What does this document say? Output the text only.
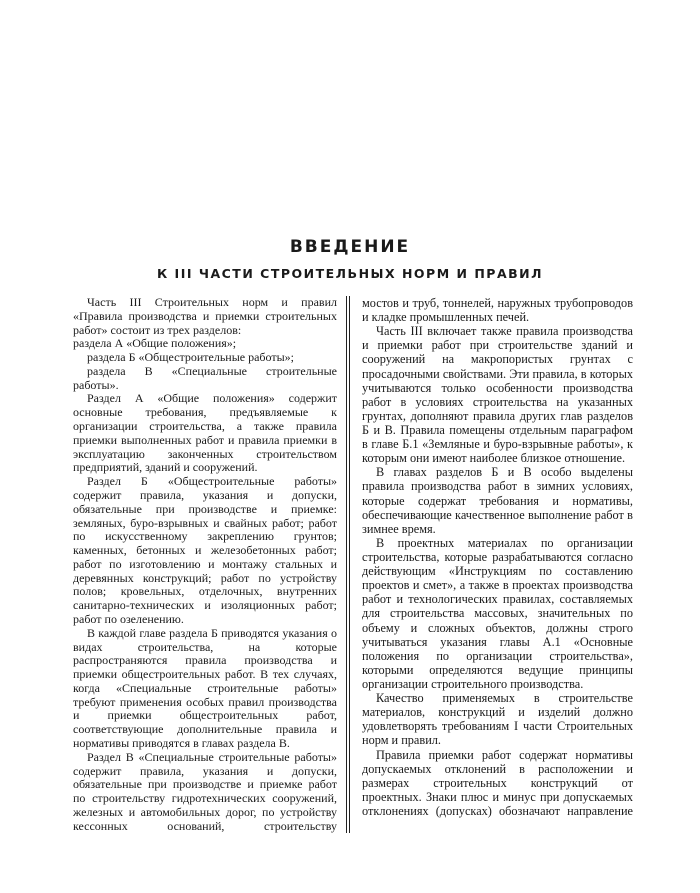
ВВЕДЕНИЕ
К III ЧАСТИ СТРОИТЕЛЬНЫХ НОРМ И ПРАВИЛ

Часть III Строительных норм и правил «Правила производства и приемки строительных работ» состоит из трех разделов:

раздела А «Общие положения»;

раздела Б «Общестроительные работы»;

раздела В «Специальные строительные работы».

Раздел А «Общие положения» содержит основные требования, предъявляемые к организации строительства, а также правила приемки выполненных работ и правила приемки в эксплуатацию законченных строительством предприятий, зданий и сооружений.

Раздел Б «Общестроительные работы» содержит правила, указания и допуски, обязательные при производстве и приемке: земляных, буро-взрывных и свайных работ; работ по искусственному закреплению грунтов; каменных, бетонных и железобетонных работ; работ по изготовлению и монтажу стальных и деревянных конструкций; работ по устройству полов; кровельных, отделочных, внутренних санитарно-технических и изоляционных работ; работ по озеленению.

В каждой главе раздела Б приводятся указания о видах строительства, на которые распространяются правила производства и приемки общестроительных работ. В тех случаях, когда «Специальные строительные работы» требуют применения особых правил производства и приемки общестроительных работ, соответствующие дополнительные правила и нормативы приводятся в главах раздела В.

Раздел В «Специальные строительные работы» содержит правила, указания и допуски, обязательные при производстве и приемке работ по строительству гидротехнических сооружений, железных и автомобильных дорог, по устройству кессонных оснований, строительству

мостов и труб, тоннелей, наружных трубопроводов и кладке промышленных печей.

Часть III включает также правила производства и приемки работ при строительстве зданий и сооружений на макропористых грунтах с просадочными свойствами. Эти правила, в которых учитываются только особенности производства работ в условиях строительства на указанных грунтах, дополняют правила других глав разделов Б и В. Правила помещены отдельным параграфом в главе Б.1 «Земляные и буро-взрывные работы», к которым они имеют наиболее близкое отношение.

В главах разделов Б и В особо выделены правила производства работ в зимних условиях, которые содержат требования и нормативы, обеспечивающие качественное выполнение работ в зимнее время.

В проектных материалах по организации строительства, которые разрабатываются согласно действующим «Инструкциям по составлению проектов и смет», а также в проектах производства работ и технологических правилах, составляемых для строительства массовых, значительных по объему и сложных объектов, должны строго учитываться указания главы А.1 «Основные положения по организации строительства», которыми определяются ведущие принципы организации строительного производства.

Качество применяемых в строительстве материалов, конструкций и изделий должно удовлетворять требованиям I части Строительных норм и правил.

Правила приемки работ содержат нормативы допускаемых отклонений в расположении и размерах строительных конструкций от проектных. Знаки плюс и минус при допускаемых отклонениях (допусках) обозначают направление
